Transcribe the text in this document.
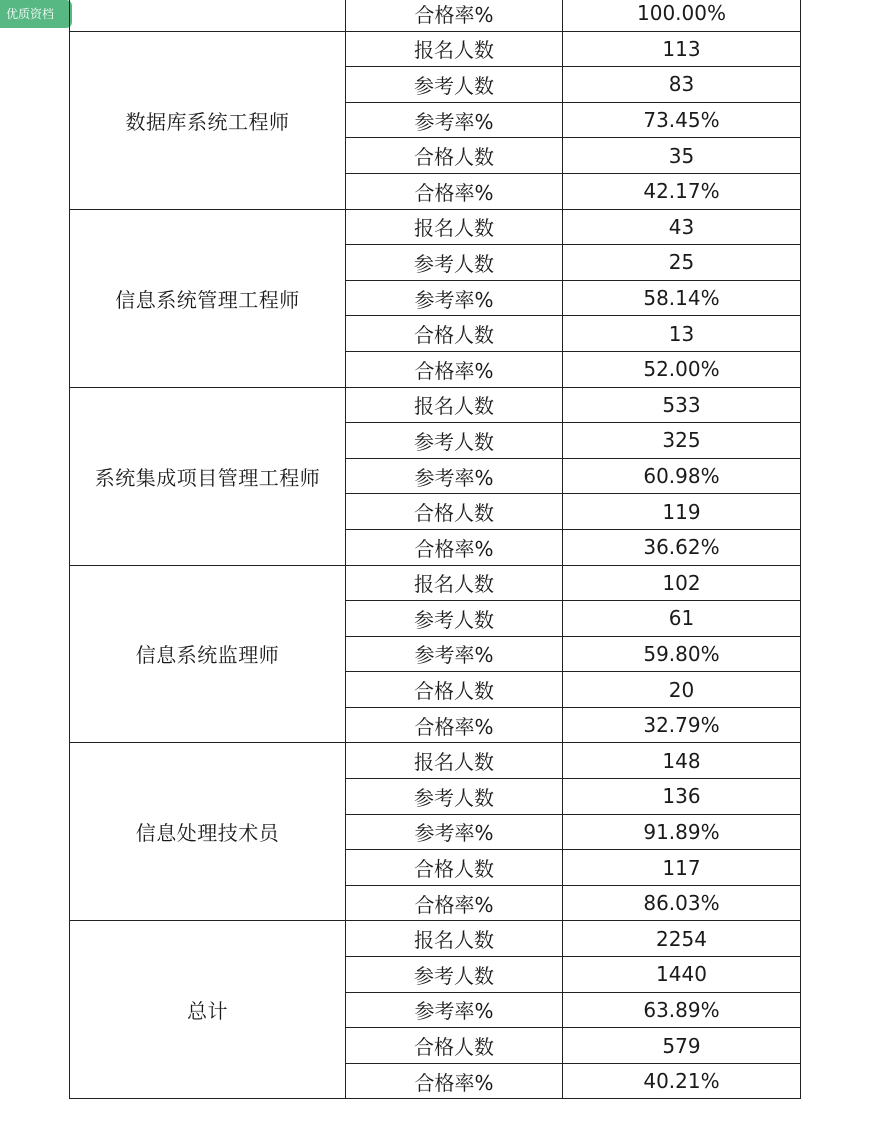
优质资档
		合格率%	100.00%
数据库系统工程师	报名人数	113
	参考人数	83
	参考率%	73.45%
	合格人数	35
	合格率%	42.17%
信息系统管理工程师	报名人数	43
	参考人数	25
	参考率%	58.14%
	合格人数	13
	合格率%	52.00%
系统集成项目管理工程师	报名人数	533
	参考人数	325
	参考率%	60.98%
	合格人数	119
	合格率%	36.62%
信息系统监理师	报名人数	102
	参考人数	61
	参考率%	59.80%
	合格人数	20
	合格率%	32.79%
信息处理技术员	报名人数	148
	参考人数	136
	参考率%	91.89%
	合格人数	117
	合格率%	86.03%
总计	报名人数	2254
	参考人数	1440
	参考率%	63.89%
	合格人数	579
	合格率%	40.21%
